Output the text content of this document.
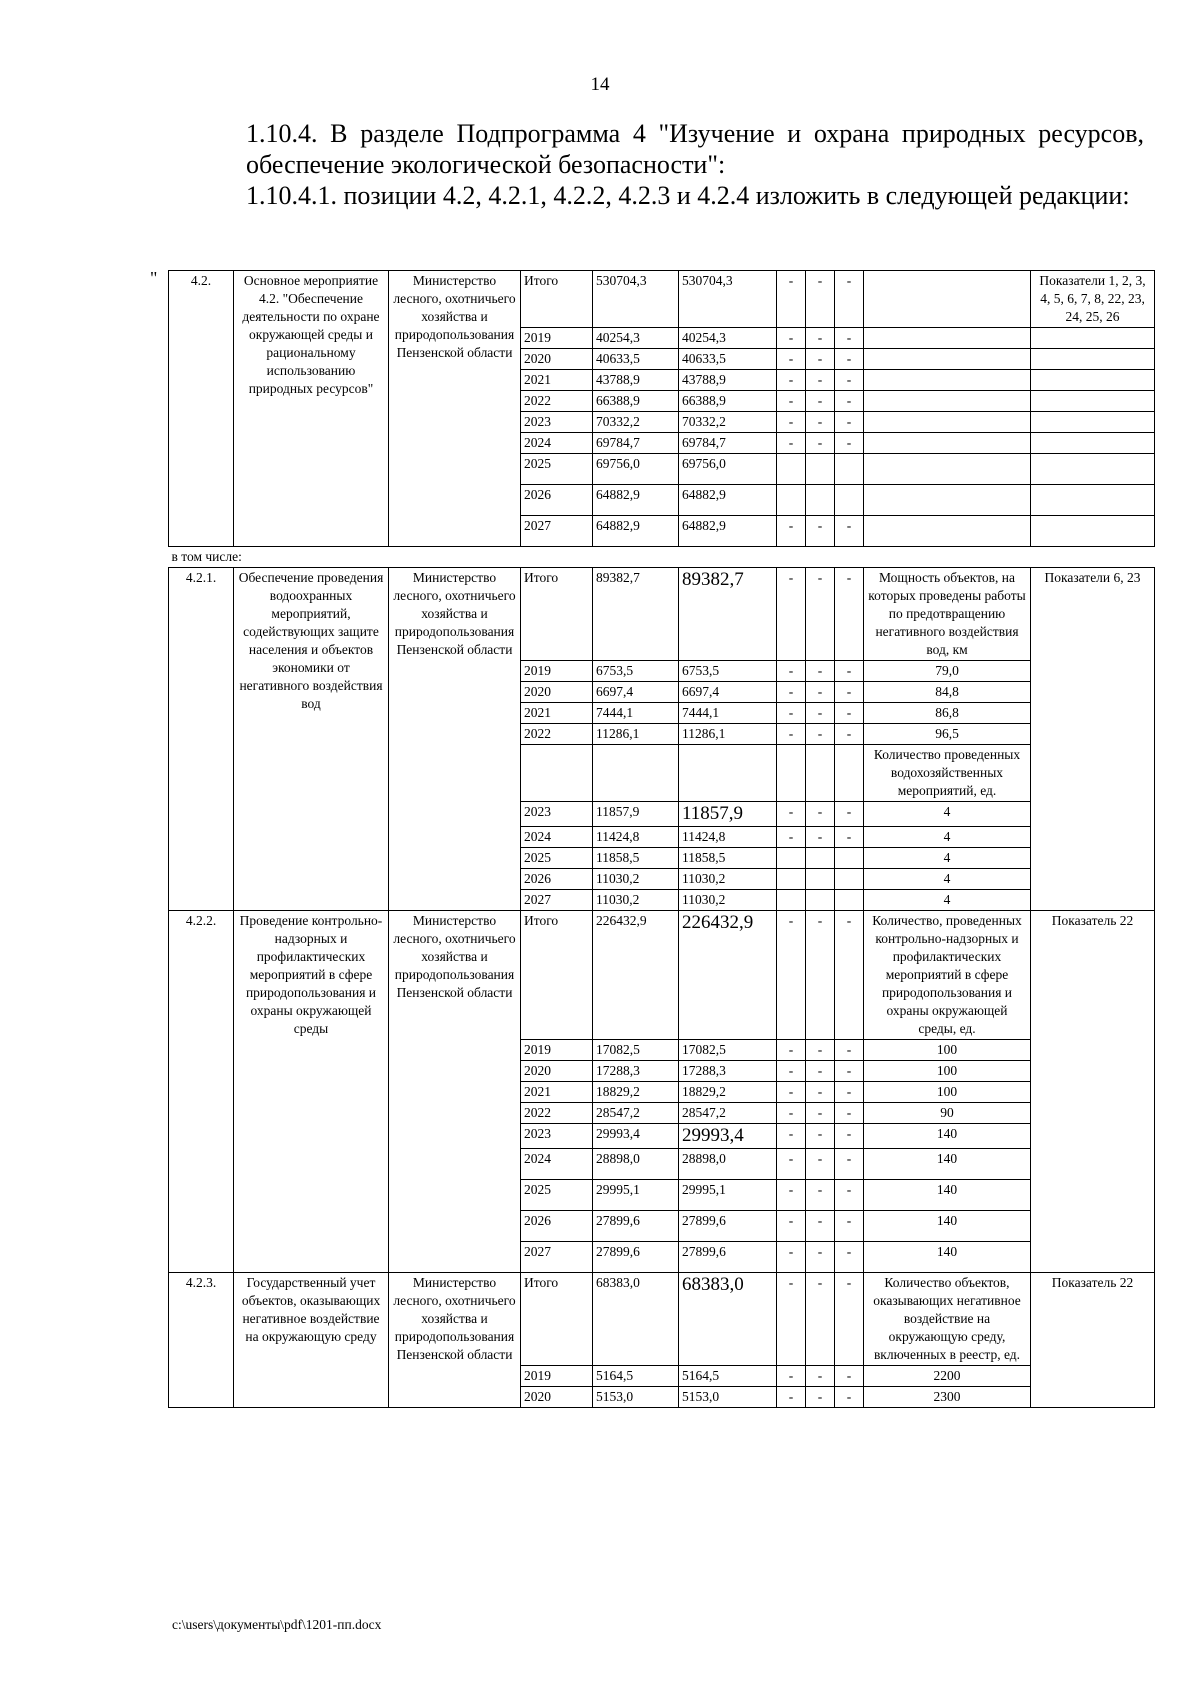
14
1.10.4. В разделе Подпрограмма 4 "Изучение и охрана природных ресурсов, обеспечение экологической безопасности":
1.10.4.1. позиции 4.2, 4.2.1, 4.2.2, 4.2.3 и 4.2.4 изложить в следующей редакции:
" 4.2.	Основное мероприятие 4.2. "Обеспечение деятельности по охране окружающей среды и рациональному использованию природных ресурсов"	Министерство лесного, охотничьего хозяйства и природопользования Пензенской области	Итого	530704,3	530704,3	-	-	-		Показатели 1, 2, 3, 4, 5, 6, 7, 8, 22, 23, 24, 25, 26
			2019	40254,3	40254,3	-	-	-		
			2020	40633,5	40633,5	-	-	-		
			2021	43788,9	43788,9	-	-	-		
			2022	66388,9	66388,9	-	-	-		
			2023	70332,2	70332,2	-	-	-		
			2024	69784,7	69784,7	-	-	-		
			2025	69756,0	69756,0					
			2026	64882,9	64882,9					
			2027	64882,9	64882,9	-	-	-		
в том числе:										
4.2.1.	Обеспечение проведения водоохранных мероприятий, содействующих защите населения и объектов экономики от негативного воздействия вод	Министерство лесного, охотничьего хозяйства и природопользования Пензенской области	Итого	89382,7	89382,7	-	-	-	Мощность объектов, на которых проведены работы по предотвращению негативного воздействия вод, км	Показатели 6, 23
			2019	6753,5	6753,5	-	-	-	79,0	
			2020	6697,4	6697,4	-	-	-	84,8	
			2021	7444,1	7444,1	-	-	-	86,8	
			2022	11286,1	11286,1	-	-	-	96,5	
									Количество проведенных водохозяйственных мероприятий, ед.	
			2023	11857,9	11857,9	-	-	-	4	
			2024	11424,8	11424,8	-	-	-	4	
			2025	11858,5	11858,5				4	
			2026	11030,2	11030,2				4	
			2027	11030,2	11030,2				4	
4.2.2.	Проведение контрольно-надзорных и профилактических мероприятий в сфере природопользования и охраны окружающей среды	Министерство лесного, охотничьего хозяйства и природопользования Пензенской области	Итого	226432,9	226432,9	-	-	-	Количество, проведенных контрольно-надзорных и профилактических мероприятий в сфере природопользования и охраны окружающей среды, ед.	Показатель 22
			2019	17082,5	17082,5	-	-	-	100	
			2020	17288,3	17288,3	-	-	-	100	
			2021	18829,2	18829,2	-	-	-	100	
			2022	28547,2	28547,2	-	-	-	90	
			2023	29993,4	29993,4	-	-	-	140	
			2024	28898,0	28898,0	-	-	-	140	
			2025	29995,1	29995,1	-	-	-	140	
			2026	27899,6	27899,6	-	-	-	140	
			2027	27899,6	27899,6	-	-	-	140	
4.2.3.	Государственный учет объектов, оказывающих негативное воздействие на окружающую среду	Министерство лесного, охотничьего хозяйства и природопользования Пензенской области	Итого	68383,0	68383,0	-	-	-	Количество объектов, оказывающих негативное воздействие на окружающую среду, включенных в реестр, ед.	Показатель 22
			2019	5164,5	5164,5	-	-	-	2200	
			2020	5153,0	5153,0	-	-	-	2300	
c:\users\документы\pdf\1201-пп.docx
